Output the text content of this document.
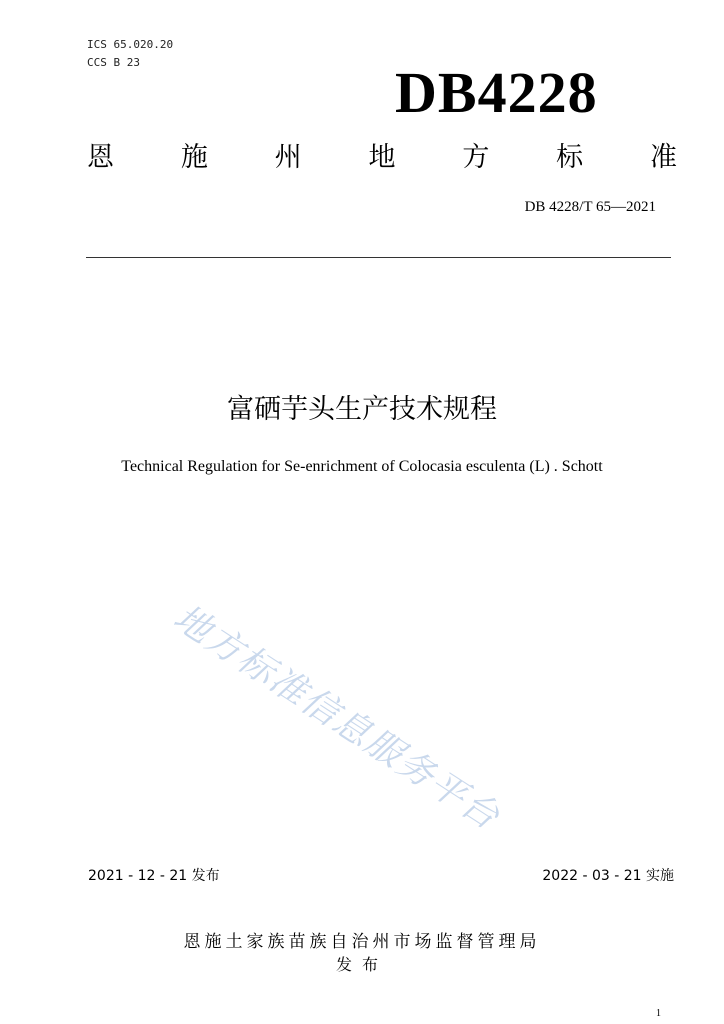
ICS 65.020.20
CCS B 23	DB4228
恩 施 州 地 方 标 准
DB 4228/T 65—2021
富硒芋头生产技术规程
Technical Regulation for Se-enrichment of Colocasia esculenta (L) . Schott
地方标准信息服务平台
2021 - 12 - 21 发布	2022 - 03 - 21 实施
恩施土家族苗族自治州市场监督管理局
发布
1
